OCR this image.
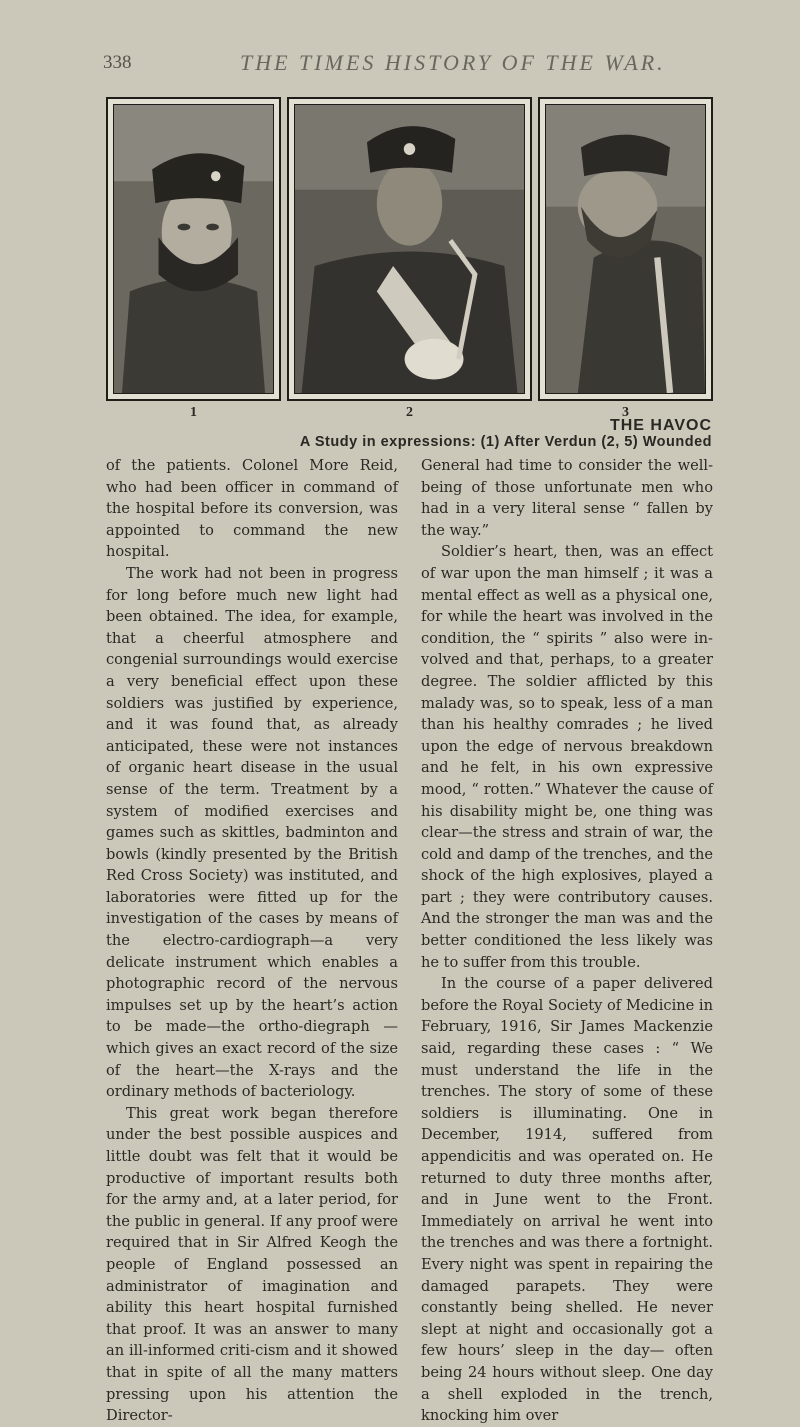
338	THE TIMES HISTORY OF THE WAR.
1	2	3
THE HAVOC
A Study in expressions: (1) After Verdun (2, 5) Wounded

of the patients. Colonel More Reid, who had been officer in command of the hospital before its conversion, was appointed to command the new hospital.

The work had not been in progress for long before much new light had been obtained. The idea, for example, that a cheerful atmosphere and congenial surroundings would exercise a very beneficial effect upon these soldiers was justified by experience, and it was found that, as already anticipated, these were not instances of organic heart disease in the usual sense of the term. Treatment by a system of modified exercises and games such as skittles, badminton and bowls (kindly presented by the British Red Cross Society) was instituted, and laboratories were fitted up for the investigation of the cases by means of the electro-cardiograph—a very delicate instrument which enables a photographic record of the nervous impulses set up by the heart’s action to be made—the ortho-diegraph —which gives an exact record of the size of the heart—the X-rays and the ordinary methods of bacteriology.

This great work began therefore under the best possible auspices and little doubt was felt that it would be productive of important results both for the army and, at a later period, for the public in general. If any proof were required that in Sir Alfred Keogh the people of England possessed an administrator of imagination and ability this heart hospital furnished that proof. It was an answer to many an ill-informed criti-cism and it showed that in spite of all the many matters pressing upon his attention the Director-

General had time to consider the well-being of those unfortunate men who had in a very literal sense “ fallen by the way.”

Soldier’s heart, then, was an effect of war upon the man himself ; it was a mental effect as well as a physical one, for while the heart was involved in the condition, the “ spirits ” also were in-volved and that, perhaps, to a greater degree. The soldier afflicted by this malady was, so to speak, less of a man than his healthy comrades ; he lived upon the edge of nervous breakdown and he felt, in his own expressive mood, “ rotten.” Whatever the cause of his disability might be, one thing was clear—the stress and strain of war, the cold and damp of the trenches, and the shock of the high explosives, played a part ; they were contributory causes. And the stronger the man was and the better conditioned the less likely was he to suffer from this trouble.

In the course of a paper delivered before the Royal Society of Medicine in February, 1916, Sir James Mackenzie said, regarding these cases : “ We must understand the life in the trenches. The story of some of these soldiers is illuminating. One in December, 1914, suffered from appendicitis and was operated on. He returned to duty three months after, and in June went to the Front. Immediately on arrival he went into the trenches and was there a fortnight. Every night was spent in repairing the damaged parapets. They were constantly being shelled. He never slept at night and occasionally got a few hours’ sleep in the day— often being 24 hours without sleep. One day a shell exploded in the trench, knocking him over
